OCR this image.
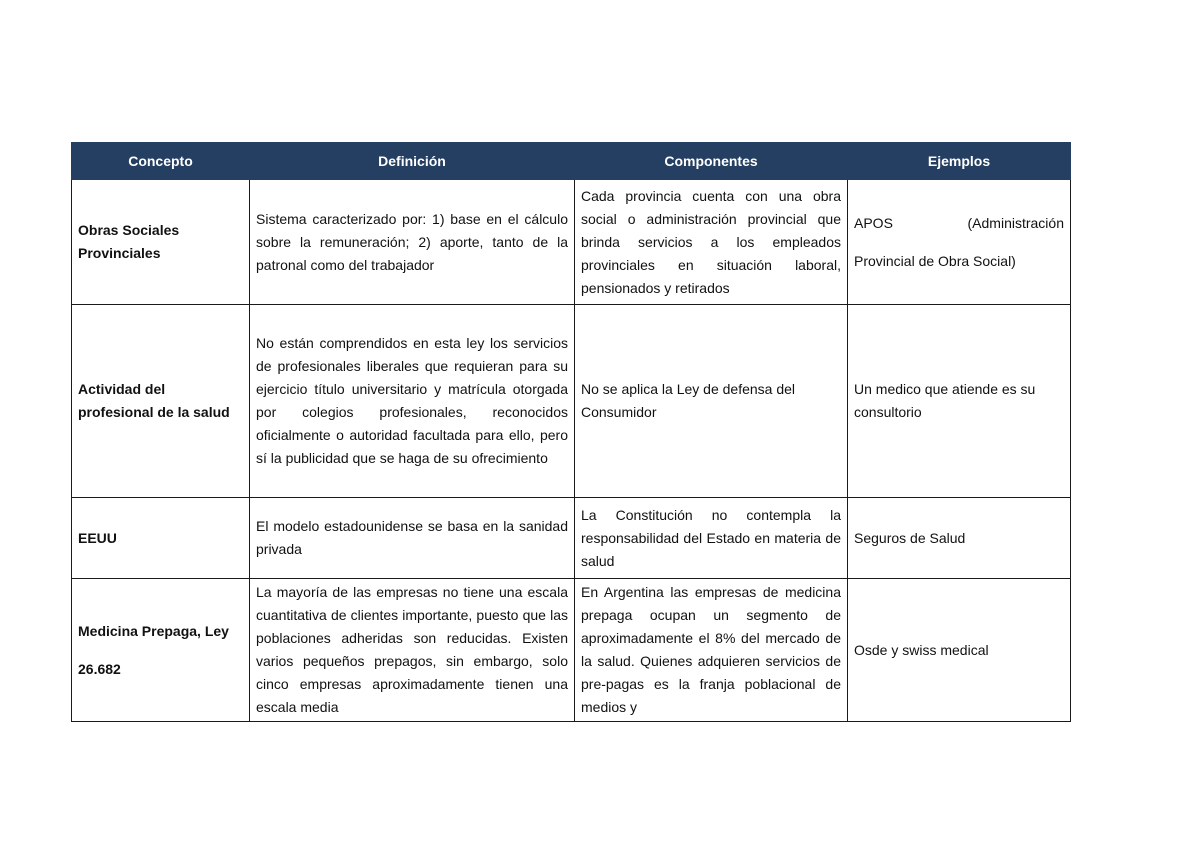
Concepto	Definición	Componentes	Ejemplos
Obras Sociales Provinciales	Sistema caracterizado por: 1) base en el cálculo sobre la remuneración; 2) aporte, tanto de la patronal como del trabajador	Cada provincia cuenta con una obra social o administración provincial que brinda servicios a los empleados provinciales en situación laboral, pensionados y retirados	APOS (Administración
Provincial de Obra Social)

Actividad del profesional de la salud	No están comprendidos en esta ley los servicios de profesionales liberales que requieran para su ejercicio título universitario y matrícula otorgada por colegios profesionales, reconocidos oficialmente o autoridad facultada para ello, pero sí la publicidad que se haga de su ofrecimiento	No se aplica la Ley de defensa del Consumidor	Un medico que atiende es su consultorio
EEUU	El modelo estadounidense se basa en la sanidad privada	La Constitución no contempla la responsabilidad del Estado en materia de salud	Seguros de Salud
Medicina Prepaga, Ley 26.682	La mayoría de las empresas no tiene una escala cuantitativa de clientes importante, puesto que las poblaciones adheridas son reducidas. Existen varios pequeños prepagos, sin embargo, solo cinco empresas aproximadamente tienen una escala media	En Argentina las empresas de medicina prepaga ocupan un segmento de aproximadamente el 8% del mercado de la salud. Quienes adquieren servicios de pre-pagas es la franja poblacional de medios y	Osde y swiss medical
